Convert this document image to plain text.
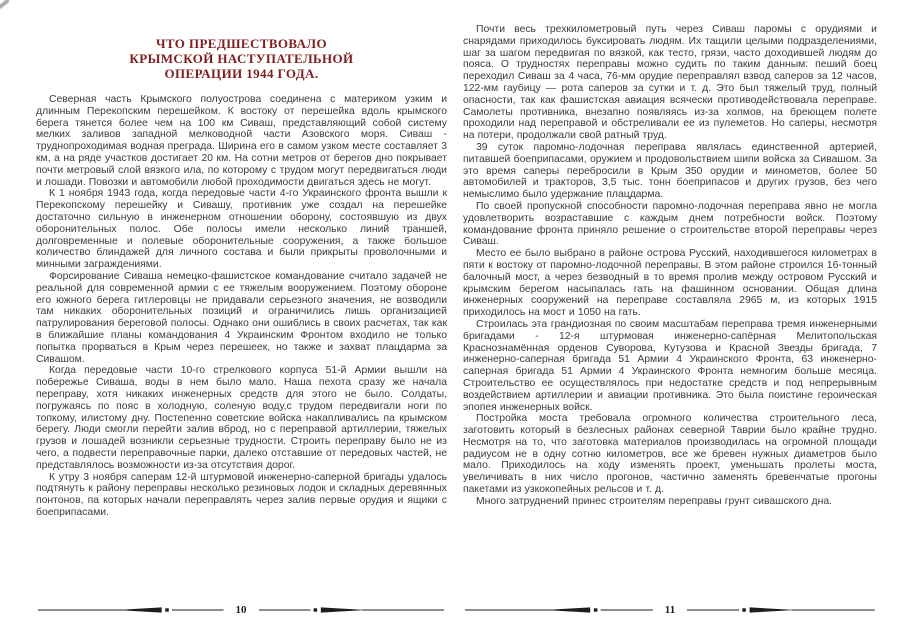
ЧТО ПРЕДШЕСТВОВАЛО
КРЫМСКОЙ НАСТУПАТЕЛЬНОЙ
ОПЕРАЦИИ 1944 ГОДА.

Северная часть Крымского полуострова соединена с материком узким и длинным Перекопским перешейком. К востоку от перешейка вдоль крымского берега тянется более чем на 100 км Сиваш, представляющий собой систему мелких заливов западной мелководной части Азовского моря. Сиваш - труднопроходимая водная преграда. Ширина его в самом узком месте составляет 3 км, а на ряде участков достигает 20 км. На сотни метров от берегов дно покрывает почти метровый слой вязкого ила, по которому с трудом могут передвигаться люди и лошади. Повозки и автомобили любой проходимости двигаться здесь не могут.

К 1 ноября 1943 года, когда передовые части 4-го Украинского фронта вышли к Перекопскому перешейку и Сивашу, противник уже создал на перешейке достаточно сильную в инженерном отношении оборону, состоявшую из двух оборонительных полос. Обе полосы имели несколько линий траншей, долговременные и полевые оборонительные сооружения, а также большое количество блиндажей для личного состава и были прикрыты проволочными и минными заграждениями.

Форсирование Сиваша немецко-фашистское командование считало задачей не реальной для современной армии с ее тяжелым вооружением. Поэтому обороне его южного берега гитлеровцы не придавали серьезного значения, не возводили там никаких оборонительных позиций и ограничились лишь организацией патрулирования береговой полосы. Однако они ошиблись в своих расчетах, так как в ближайшие планы командования 4 Украинским Фронтом входило не только попытка прорваться в Крым через перешеек, но также и захват плацдарма за Сивашом.

Когда передовые части 10-го стрелкового корпуса 51-й Армии вышли на побережье Сиваша, воды в нем было мало. Наша пехота сразу же начала переправу, хотя никаких инженерных средств для этого не было. Солдаты, погружаясь по пояс в холодную, соленую воду,с трудом передвигали ноги по топкому, илистому дну. Постепенно советские войска накапливались па крымском берегу. Люди смогли перейти залив вброд, но с переправой артиллерии, тяжелых грузов и лошадей возникли серьезные трудности. Строить переправу было не из чего, а подвести переправочные парки, далеко отставшие от передовых частей, не представлялось возможности из-за отсутствия дорог.

К утру 3 ноября саперам 12-й штурмовой инженерно-саперной бригады удалось подтянуть к району переправы несколько резиновых лодок и складных деревянных понтонов, па которых начали переправлять через залив первые орудия и ящики с боеприпасами.

10

Почти весь трехкилометровый путь через Сиваш паромы с орудиями и снарядами приходилось буксировать людям. Их тащили целыми подразделениями, шаг за шагом передвигая по вязкой, как тесто, грязи, часто доходившей людям до пояса. О трудностях переправы можно судить по таким данным: пеший боец переходил Сиваш за 4 часа, 76-мм орудие переправлял взвод саперов за 12 часов, 122-мм гаубицу — рота саперов за сутки и т. д. Это был тяжелый труд, полный опасности, так как фашистская авиация всячески противодействовала переправе. Самолеты противника, внезапно появляясь из-за холмов, на бреющем полете проходили над переправой и обстреливали ее из пулеметов. Но саперы, несмотря на потери, продолжали свой ратный труд.

39 суток паромно-лодочная переправа являлась единственной артерией, питавшей боеприпасами, оружием и продовольствием шипи войска за Сивашом. За это время саперы перебросили в Крым 350 орудии и минометов, более 50 автомобилей и тракторов, 3,5 тыс. тонн боеприпасов и других грузов, без чего немыслимо было удержание плацдарма.

По своей пропускной способности паромно-лодочная переправа явно не могла удовлетворить возраставшие с каждым днем потребности войск. Поэтому командование фронта приняло решение о строительстве второй переправы через Сиваш.

Место ее было выбрано в районе острова Русский, находившегося километрах в пяти к востоку от паромно-лодочной переправы. В этом районе строился 16-тонный балочный мост, а через безводный в то время пролив между островом Русский и крымским берегом насыпалась гать на фашинном основании. Общая длина инженерных сооружений на переправе составляла 2965 м, из которых 1915 приходилось на мост и 1050 на гать.

Строилась эта грандиозная по своим масштабам переправа тремя инженерными бригадами - 12-я штурмовая инженерно-сапёрная Мелитопольская Краснознамённая орденов Суворова, Кутузова и Красной Звезды бригада, 7 инженерно-саперная бригада 51 Армии 4 Украинского Фронта, 63 инженерно-саперная бригада 51 Армии 4 Украинского Фронта немногим больше месяца. Строительство ее осуществлялось при недостатке средств и под непрерывным воздействием артиллерии и авиации противника. Это была поистине героическая эпопея инженерных войск.

Постройка моста требовала огромного количества строительного леса, заготовить который в безлесных районах северной Таврии было крайне трудно. Несмотря на то, что заготовка материалов производилась на огромной площади радиусом не в одну сотню километров, все же бревен нужных диаметров было мало. Приходилось на ходу изменять проект, уменьшать пролеты моста, увеличивать в них число прогонов, частично заменять бревенчатые прогоны пакетами из узкокопейных рельсов и т. д.

Много затруднений принес строителям переправы грунт сивашского дна.

11
